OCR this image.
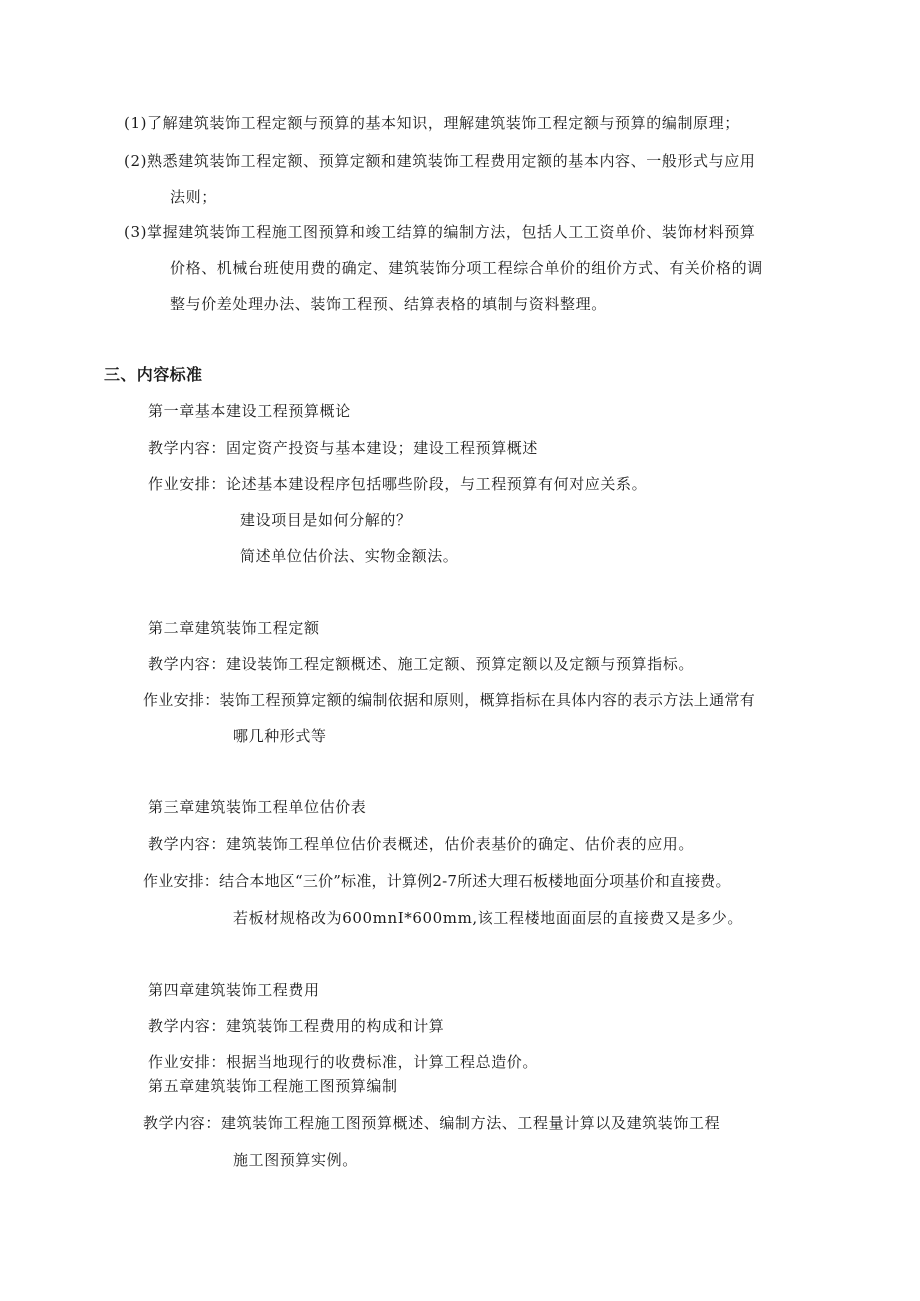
(1)了解建筑装饰工程定额与预算的基本知识，理解建筑装饰工程定额与预算的编制原理；
(2)熟悉建筑装饰工程定额、预算定额和建筑装饰工程费用定额的基本内容、一般形式与应用
法则；
(3)掌握建筑装饰工程施工图预算和竣工结算的编制方法，包括人工工资单价、装饰材料预算
价格、机械台班使用费的确定、建筑装饰分项工程综合单价的组价方式、有关价格的调
整与价差处理办法、装饰工程预、结算表格的填制与资料整理。
三、内容标准
第一章基本建设工程预算概论
教学内容：固定资产投资与基本建设；建设工程预算概述
作业安排：论述基本建设程序包括哪些阶段，与工程预算有何对应关系。
建设项目是如何分解的？
简述单位估价法、实物金额法。
第二章建筑装饰工程定额
教学内容：建设装饰工程定额概述、施工定额、预算定额以及定额与预算指标。
作业安排：装饰工程预算定额的编制依据和原则，概算指标在具体内容的表示方法上通常有
哪几种形式等
第三章建筑装饰工程单位估价表
教学内容：建筑装饰工程单位估价表概述，估价表基价的确定、估价表的应用。
作业安排：结合本地区“三价”标准，计算例2-7所述大理石板楼地面分项基价和直接费。
若板材规格改为600mnI*600mm,该工程楼地面面层的直接费又是多少。
第四章建筑装饰工程费用
教学内容：建筑装饰工程费用的构成和计算
作业安排：根据当地现行的收费标准，计算工程总造价。
第五章建筑装饰工程施工图预算编制
教学内容：建筑装饰工程施工图预算概述、编制方法、工程量计算以及建筑装饰工程
施工图预算实例。
